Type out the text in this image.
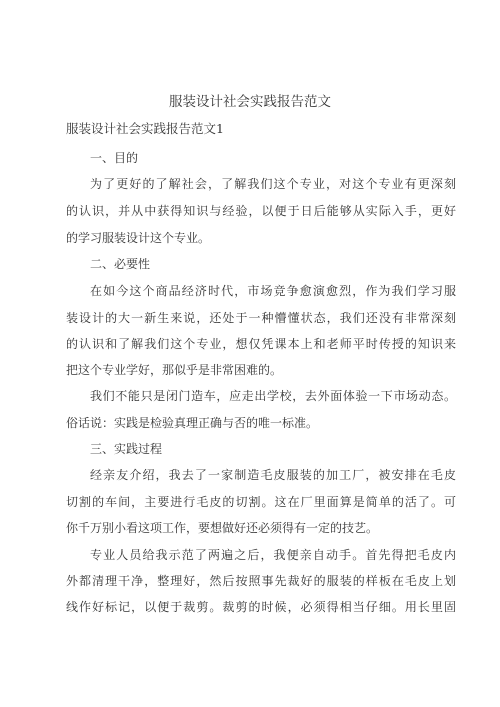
服装设计社会实践报告范文
服装设计社会实践报告范文1
一、目的
为了更好的了解社会，了解我们这个专业，对这个专业有更深刻
的认识，并从中获得知识与经验，以便于日后能够从实际入手，更好
的学习服装设计这个专业。
二、必要性
在如今这个商品经济时代，市场竞争愈演愈烈，作为我们学习服
装设计的大一新生来说，还处于一种懵懂状态，我们还没有非常深刻
的认识和了解我们这个专业，想仅凭课本上和老师平时传授的知识来
把这个专业学好，那似乎是非常困难的。
我们不能只是闭门造车，应走出学校，去外面体验一下市场动态。
俗话说：实践是检验真理正确与否的唯一标准。
三、实践过程
经亲友介绍，我去了一家制造毛皮服装的加工厂，被安排在毛皮
切割的车间，主要进行毛皮的切割。这在厂里面算是简单的活了。可
你千万别小看这项工作，要想做好还必须得有一定的技艺。
专业人员给我示范了两遍之后，我便亲自动手。首先得把毛皮内
外都清理干净，整理好，然后按照事先裁好的服装的样板在毛皮上划
线作好标记，以便于裁剪。裁剪的时候，必须得相当仔细。用长里固
